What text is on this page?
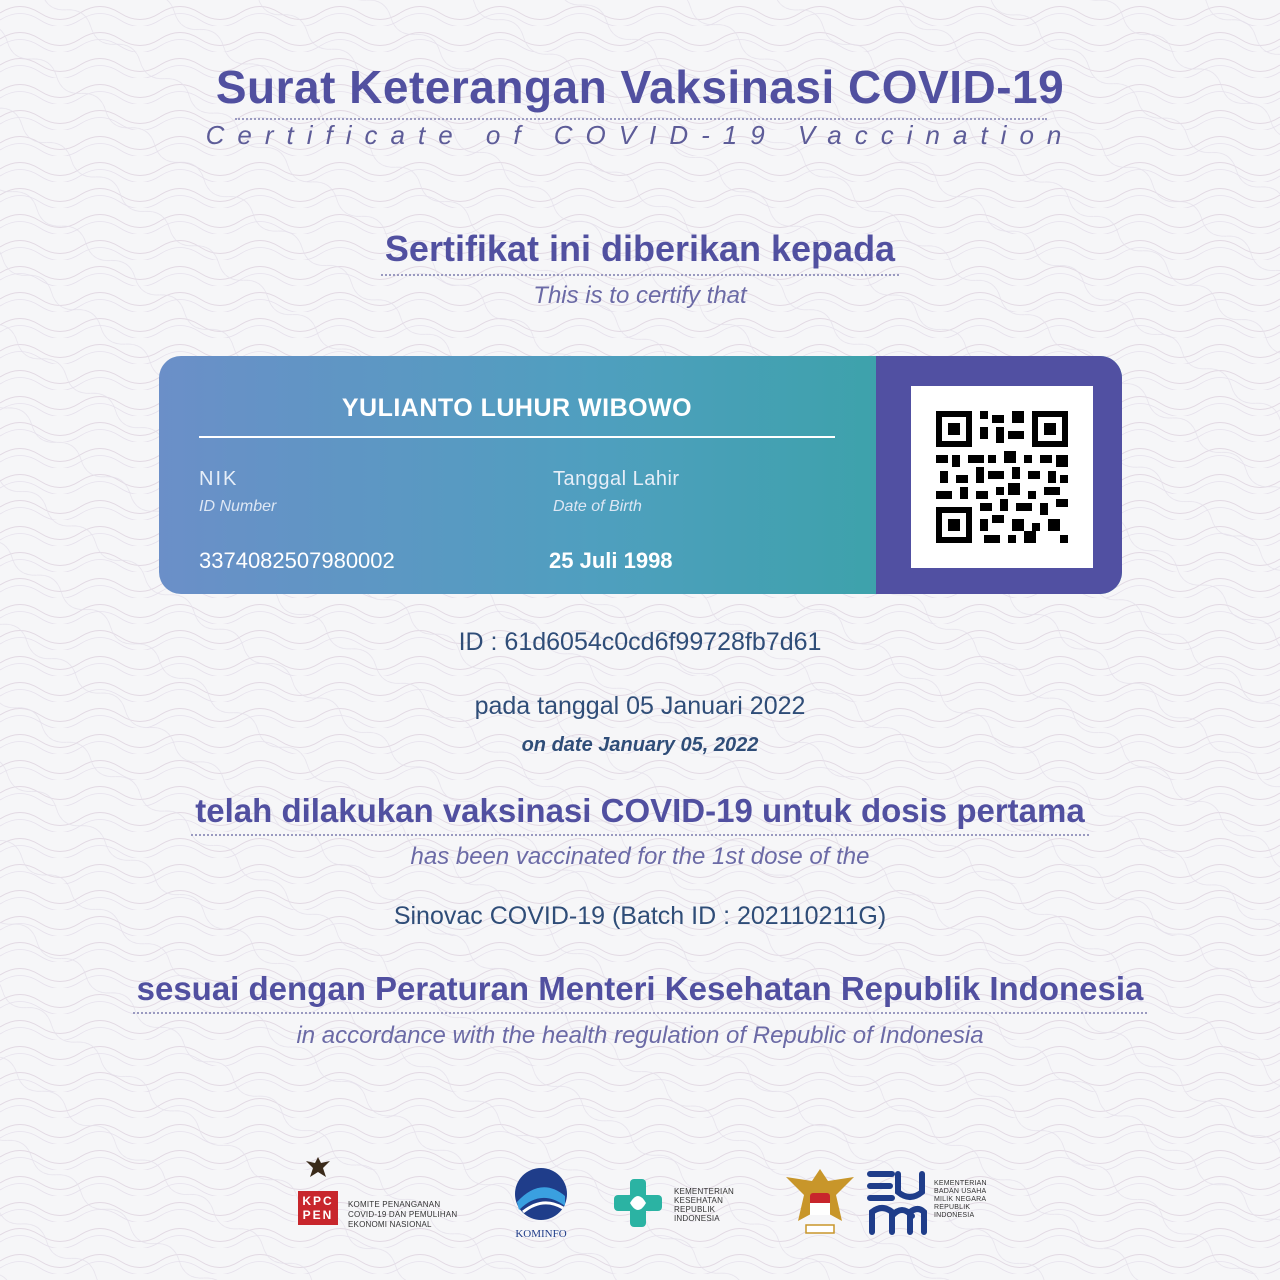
Surat Keterangan Vaksinasi COVID-19
Certificate of COVID-19 Vaccination
Sertifikat ini diberikan kepada
This is to certify that
YULIANTO LUHUR WIBOWO
NIK
ID Number
3374082507980002
Tanggal Lahir
Date of Birth
25 Juli 1998
ID : 61d6054c0cd6f99728fb7d61
pada tanggal 05 Januari 2022
on date January 05, 2022
telah dilakukan vaksinasi COVID-19 untuk dosis pertama
has been vaccinated for the 1st dose of the
Sinovac COVID-19 (Batch ID : 202110211G)
sesuai dengan Peraturan Menteri Kesehatan Republik Indonesia
in accordance with the health regulation of Republic of Indonesia
KPC
PEN
KOMITE PENANGANAN
COVID-19 DAN PEMULIHAN
EKONOMI NASIONAL
KOMINFO
KEMENTERIAN
KESEHATAN
REPUBLIK
INDONESIA
KEMENTERIAN
BADAN USAHA
MILIK NEGARA
REPUBLIK
INDONESIA
